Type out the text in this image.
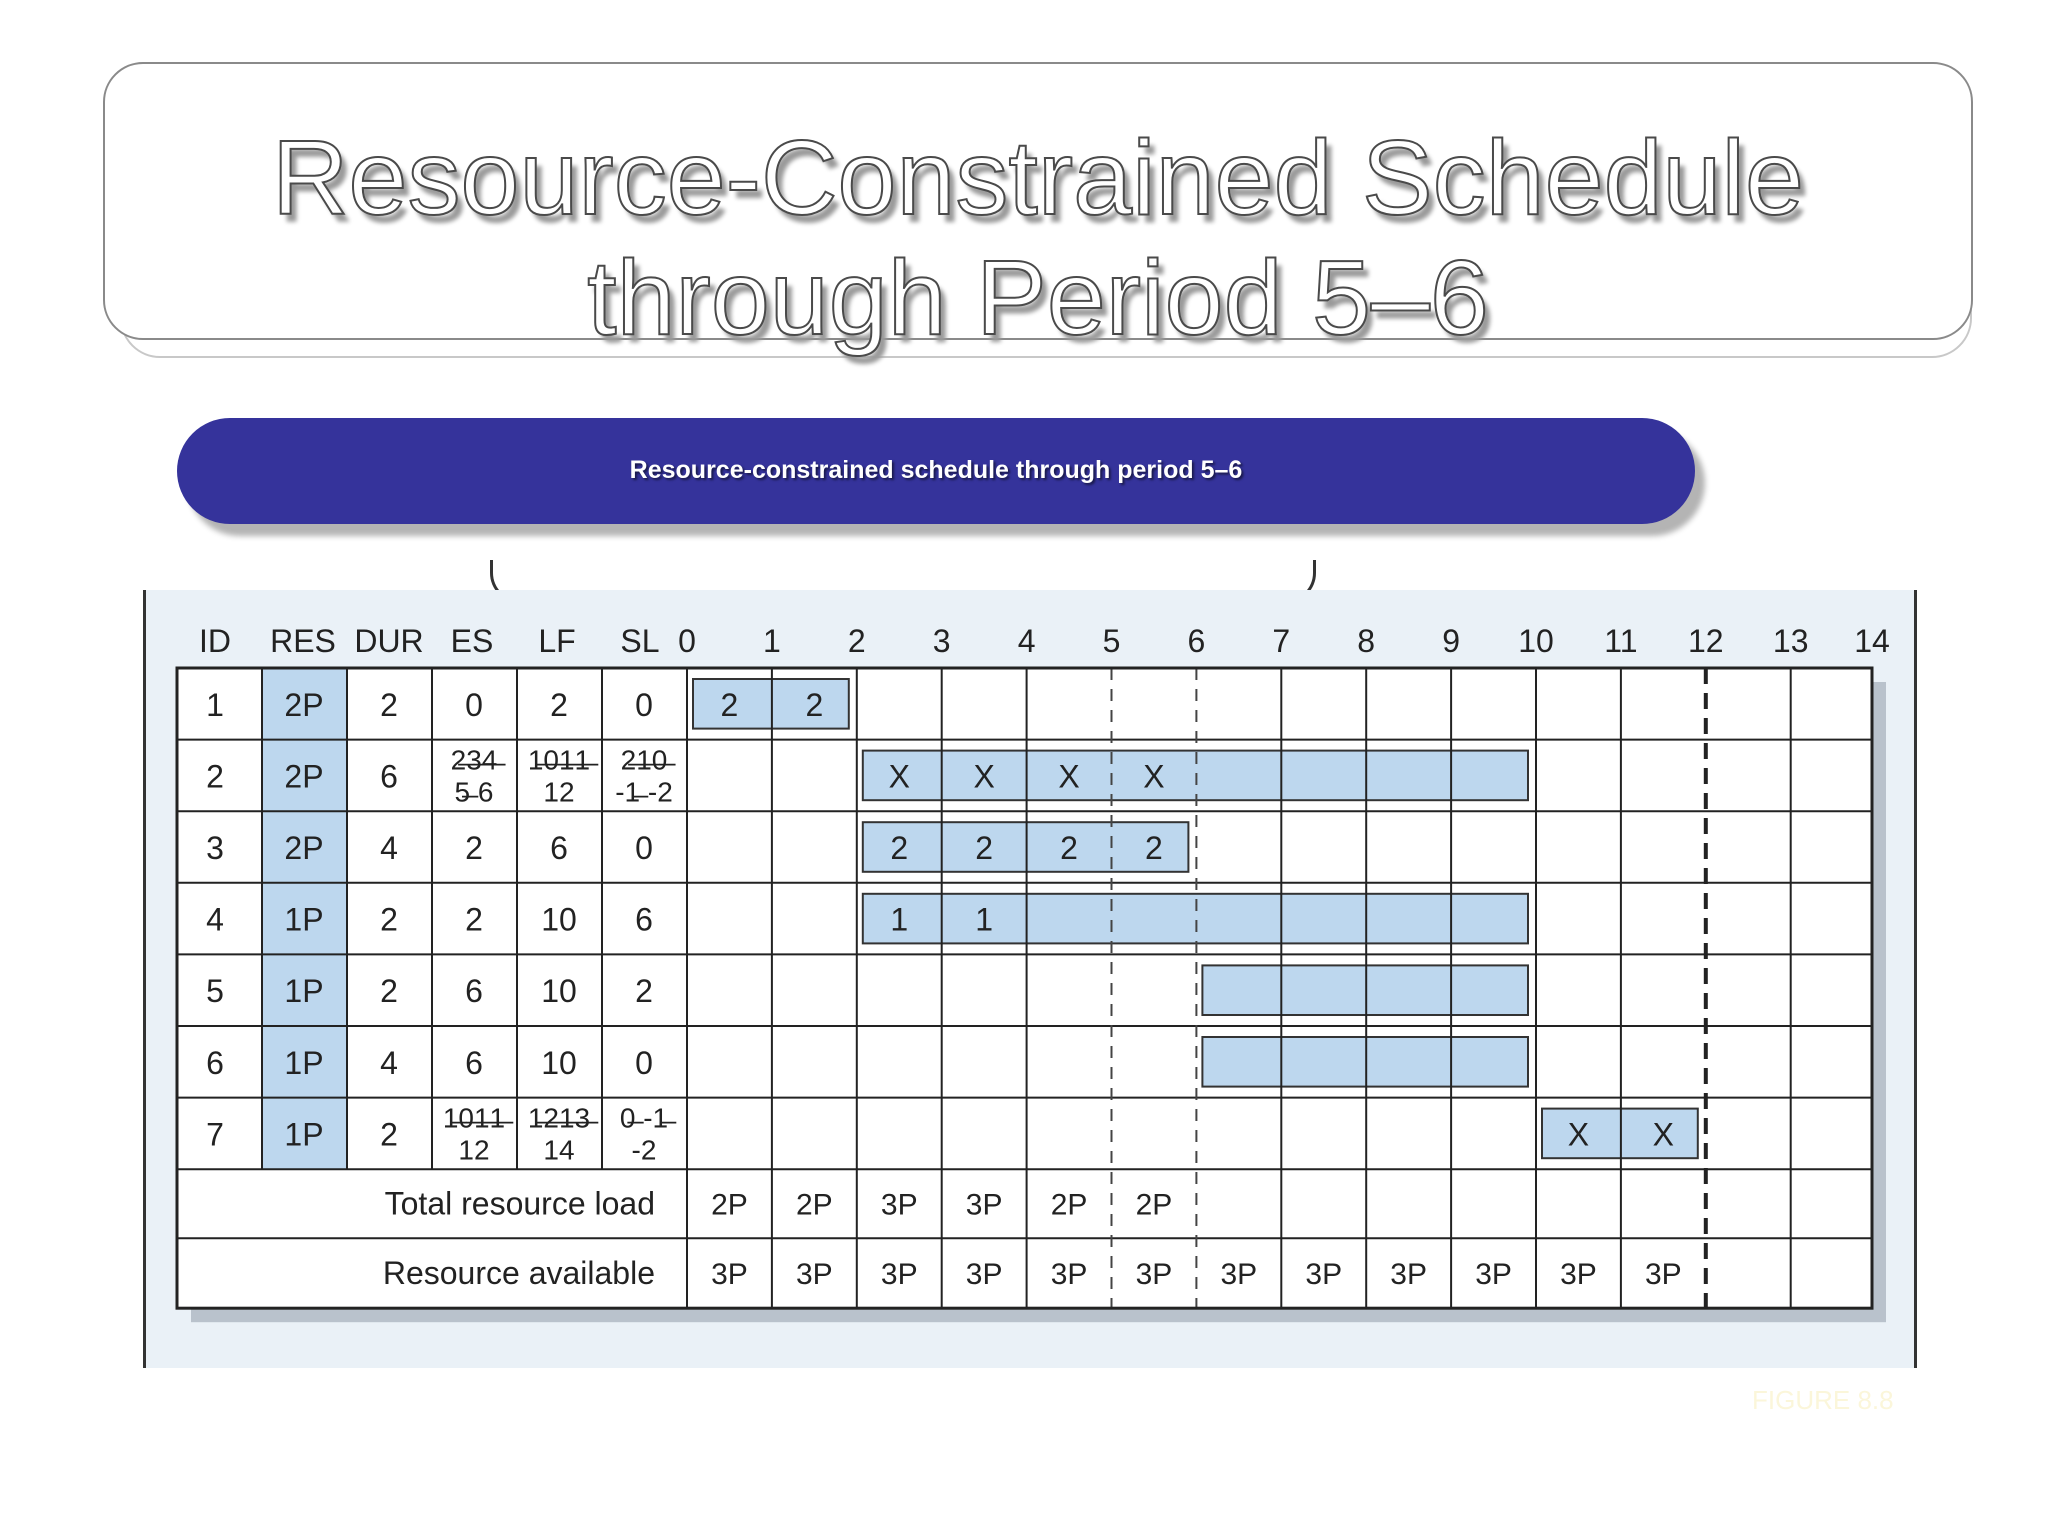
Resource-Constrained Schedule
through Period 5–6
Resource-constrained schedule through period 5–6
2 2
X X X X
2 2 2 2
1 1
X X
ID RES DUR ES LF SL 0 1 2 3 4 5 6 7 8 9 10 11 12 13 14
1 2P 2 0 2 0
2 2P 6 2̶3̶4̶
5̶ 6
1̶0̶1̶1̶
12
2̶1̶0̶
-1̶ -2
3 2P 4 2 6 0
4 1P 2 2 10 6
5 1P 2 6 10 2
6 1P 4 6 10 0
7 1P 2 1̶0̶1̶1̶
12
1̶2̶1̶3̶
14
0̶ -1̶
-2
Total resource load 2P 2P 3P 3P 2P 2P
Resource available 3P 3P 3P 3P 3P 3P 3P 3P 3P 3P 3P 3P
FIGURE 8.8
